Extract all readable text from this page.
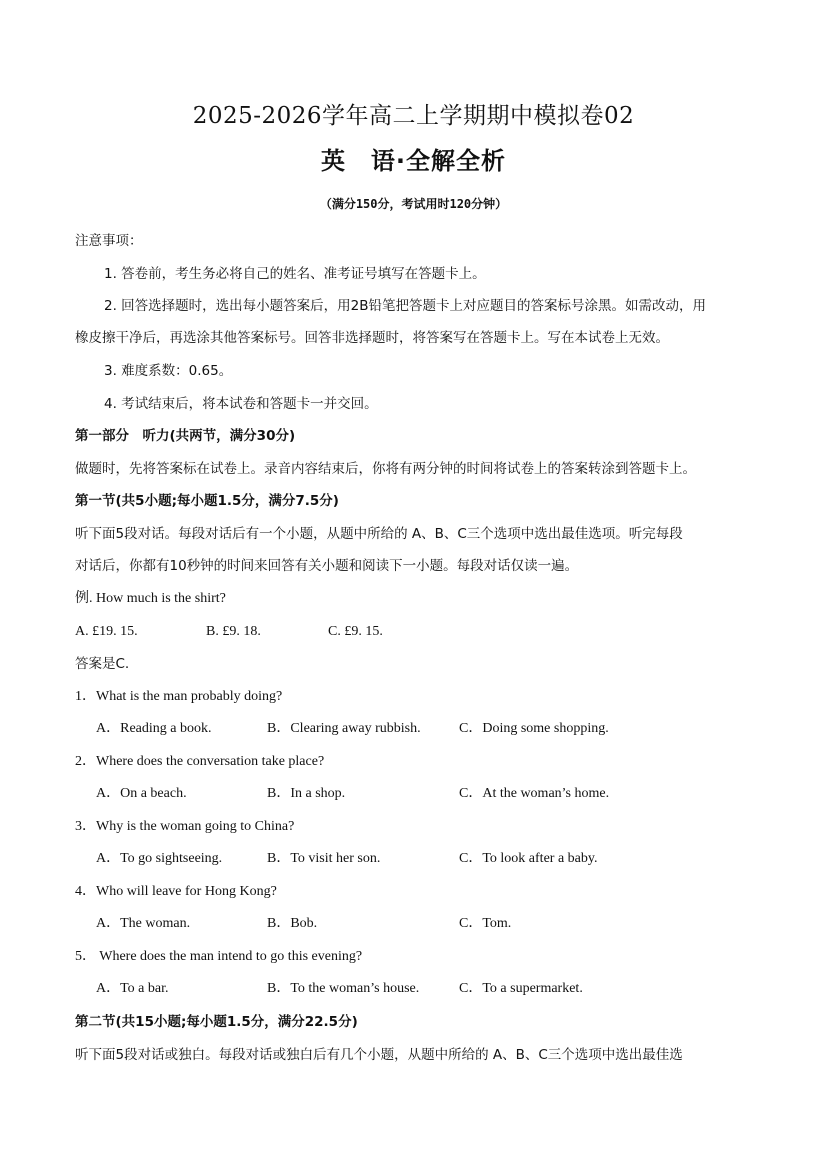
2025-2026学年高二上学期期中模拟卷02
英　语·全解全析
（满分150分，考试用时120分钟）
注意事项：
1. 答卷前，考生务必将自己的姓名、准考证号填写在答题卡上。
2. 回答选择题时，选出每小题答案后，用2B铅笔把答题卡上对应题目的答案标号涂黑。如需改动，用
橡皮擦干净后，再选涂其他答案标号。回答非选择题时，将答案写在答题卡上。写在本试卷上无效。
3. 难度系数：0.65。
4. 考试结束后，将本试卷和答题卡一并交回。
第一部分　听力(共两节，满分30分)
做题时，先将答案标在试卷上。录音内容结束后，你将有两分钟的时间将试卷上的答案转涂到答题卡上。
第一节(共5小题;每小题1.5分，满分7.5分)
听下面5段对话。每段对话后有一个小题，从题中所给的 A、B、C三个选项中选出最佳选项。听完每段
对话后，你都有10秒钟的时间来回答有关小题和阅读下一小题。每段对话仅读一遍。
例. How much is the shirt?
A. £19. 15.	B. £9. 18.	C. £9. 15.
答案是C.
1．What is the man probably doing?
A．Reading a book.	B．Clearing away rubbish.	C．Doing some shopping.
2．Where does the conversation take place?
A．On a beach.	B．In a shop.	C．At the woman’s home.
3．Why is the woman going to China?
A．To go sightseeing.	B．To visit her son.	C．To look after a baby.
4．Who will leave for Hong Kong?
A．The woman.	B．Bob.	C．Tom.
5． Where does the man intend to go this evening?
A．To a bar.	B．To the woman’s house.	C．To a supermarket.
第二节(共15小题;每小题1.5分，满分22.5分)
听下面5段对话或独白。每段对话或独白后有几个小题，从题中所给的 A、B、C三个选项中选出最佳选
